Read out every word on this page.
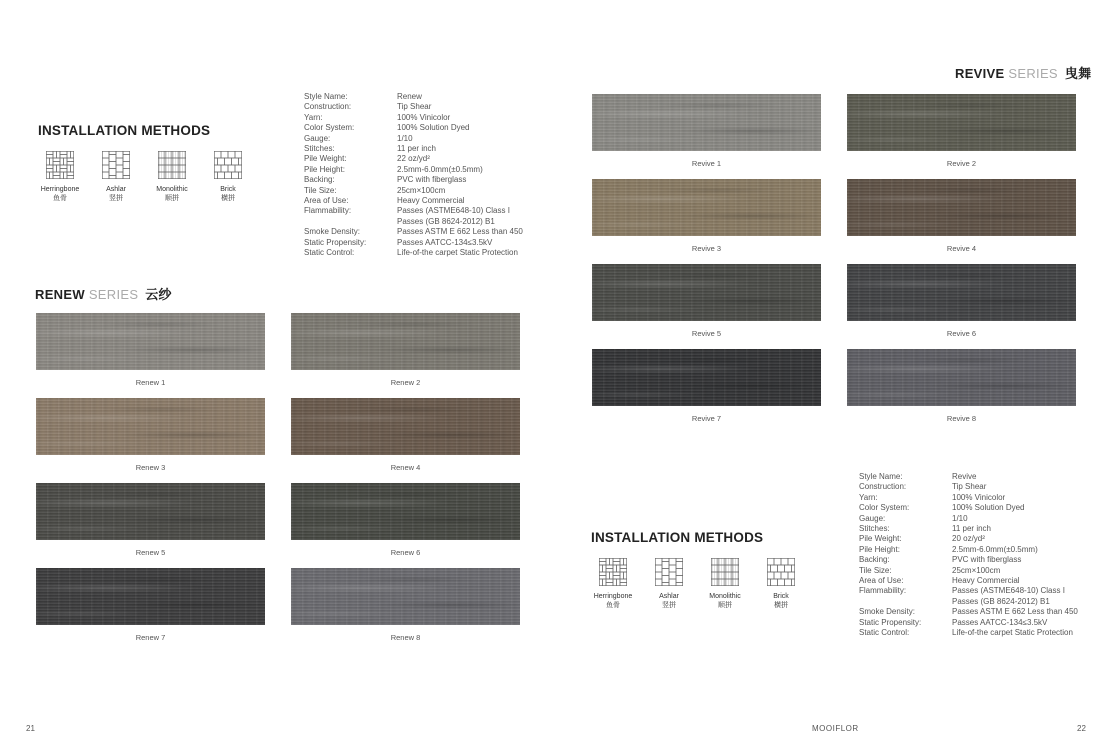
INSTALLATION METHODS
Herringbone
鱼骨
Ashlar
竖拼
Monolithic
顺拼
Brick
横拼
Style Name:	Renew
Construction:	Tip Shear
Yarn:	100% Vinicolor
Color System:	100% Solution Dyed
Gauge:	1/10
Stitches:	11 per inch
Pile Weight:	22 oz/yd²
Pile Height:	2.5mm-6.0mm(±0.5mm)
Backing:	PVC with fiberglass
Tile Size:	25cm×100cm
Area of Use:	Heavy Commercial
Flammability:	Passes (ASTME648-10) Class I
Passes (GB 8624-2012) B1
Smoke Density:	Passes ASTM E 662 Less than 450
Static Propensity:	Passes AATCC-134≤3.5kV
Static Control:	Life-of-the carpet Static Protection
RENEW SERIES 云纱
Renew 1	Renew 2
Renew 3	Renew 4
Renew 5	Renew 6
Renew 7	Renew 8
REVIVE SERIES 曳舞
Revive 1	Revive 2
Revive 3	Revive 4
Revive 5	Revive 6
Revive 7	Revive 8
Style Name:	Revive
Construction:	Tip Shear
Yarn:	100% Vinicolor
Color System:	100% Solution Dyed
Gauge:	1/10
Stitches:	11 per inch
Pile Weight:	20 oz/yd²
Pile Height:	2.5mm-6.0mm(±0.5mm)
Backing:	PVC with fiberglass
Tile Size:	25cm×100cm
Area of Use:	Heavy Commercial
Flammability:	Passes (ASTME648-10) Class I
Passes (GB 8624-2012) B1
Smoke Density:	Passes ASTM E 662 Less than 450
Static Propensity:	Passes AATCC-134≤3.5kV
Static Control:	Life-of-the carpet Static Protection
INSTALLATION METHODS
Herringbone
鱼骨
Ashlar
竖拼
Monolithic
顺拼
Brick
横拼
21	MOOIFLOR	22
